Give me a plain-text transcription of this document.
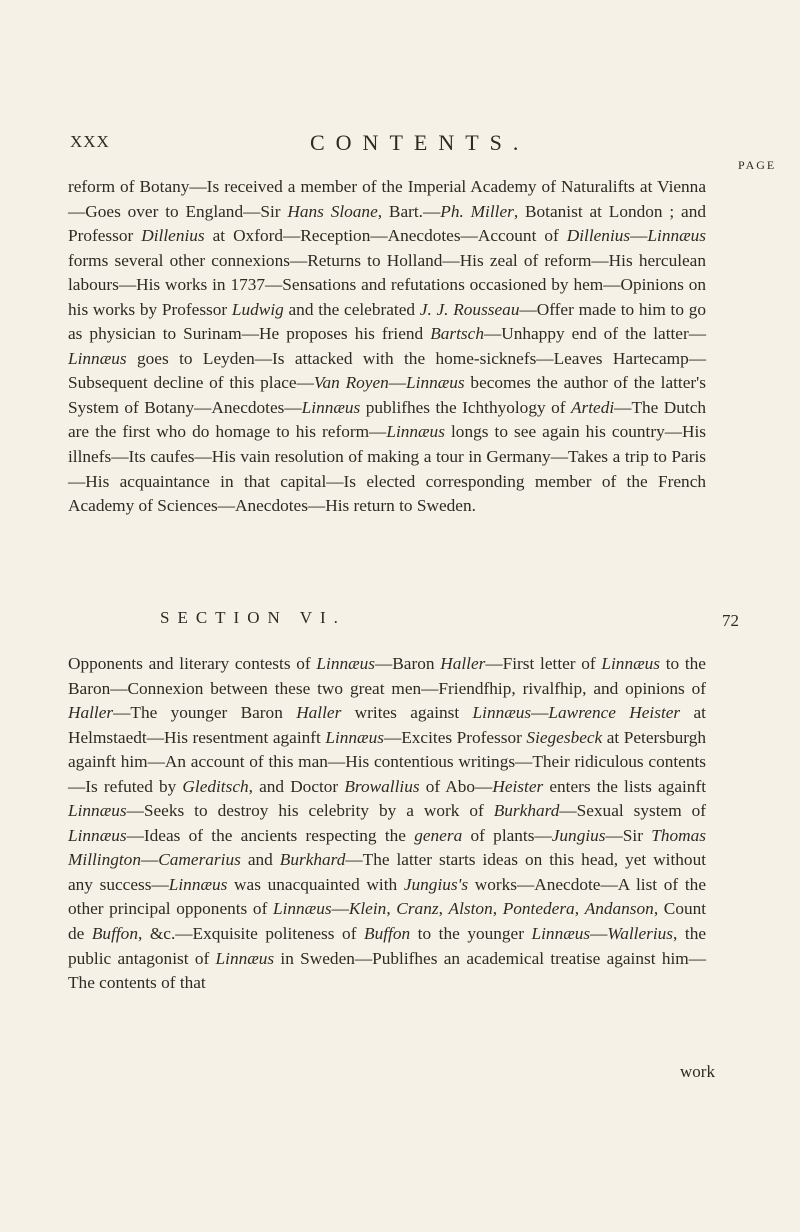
XXX	CONTENTS.
PAGE

reform of Botany—Is received a member of the Imperial Academy of Naturalifts at Vienna—Goes over to England—Sir Hans Sloane, Bart.—Ph. Miller, Botanist at London ; and Professor Dillenius at Oxford—Reception—Anecdotes—Account of Dillenius—Linnæus forms several other connexions—Returns to Holland—His zeal of reform—His herculean labours—His works in 1737—Sensations and refutations occasioned by hem—Opinions on his works by Professor Ludwig and the celebrated J. J. Rousseau—Offer made to him to go as physician to Surinam—He proposes his friend Bartsch—Unhappy end of the latter—Linnæus goes to Leyden—Is attacked with the home-sicknefs—Leaves Hartecamp—Subsequent decline of this place—Van Royen—Linnæus becomes the author of the latter's System of Botany—Anecdotes—Linnæus publifhes the Ichthyology of Artedi—The Dutch are the first who do homage to his reform—Linnæus longs to see again his country—His illnefs—Its caufes—His vain resolution of making a tour in Germany—Takes a trip to Paris—His acquaintance in that capital—Is elected corresponding member of the French Academy of Sciences—Anecdotes—His return to Sweden.

72
SECTION VI.

Opponents and literary contests of Linnæus—Baron Haller—First letter of Linnæus to the Baron—Connexion between these two great men—Friendfhip, rivalfhip, and opinions of Haller—The younger Baron Haller writes against Linnæus—Lawrence Heister at Helmstaedt—His resentment againft Linnæus—Excites Professor Siegesbeck at Petersburgh againft him—An account of this man—His contentious writings—Their ridiculous contents—Is refuted by Gleditsch, and Doctor Browallius of Abo—Heister enters the lists againft Linnæus—Seeks to destroy his celebrity by a work of Burkhard—Sexual system of Linnæus—Ideas of the ancients respecting the genera of plants—Jungius—Sir Thomas Millington—Camerarius and Burkhard—The latter starts ideas on this head, yet without any success—Linnæus was unacquainted with Jungius's works—Anecdote—A list of the other principal opponents of Linnæus—Klein, Cranz, Alston, Pontedera, Andanson, Count de Buffon, &c.—Exquisite politeness of Buffon to the younger Linnæus—Wallerius, the public antagonist of Linnæus in Sweden—Publifhes an academical treatise against him—The contents of that

work
